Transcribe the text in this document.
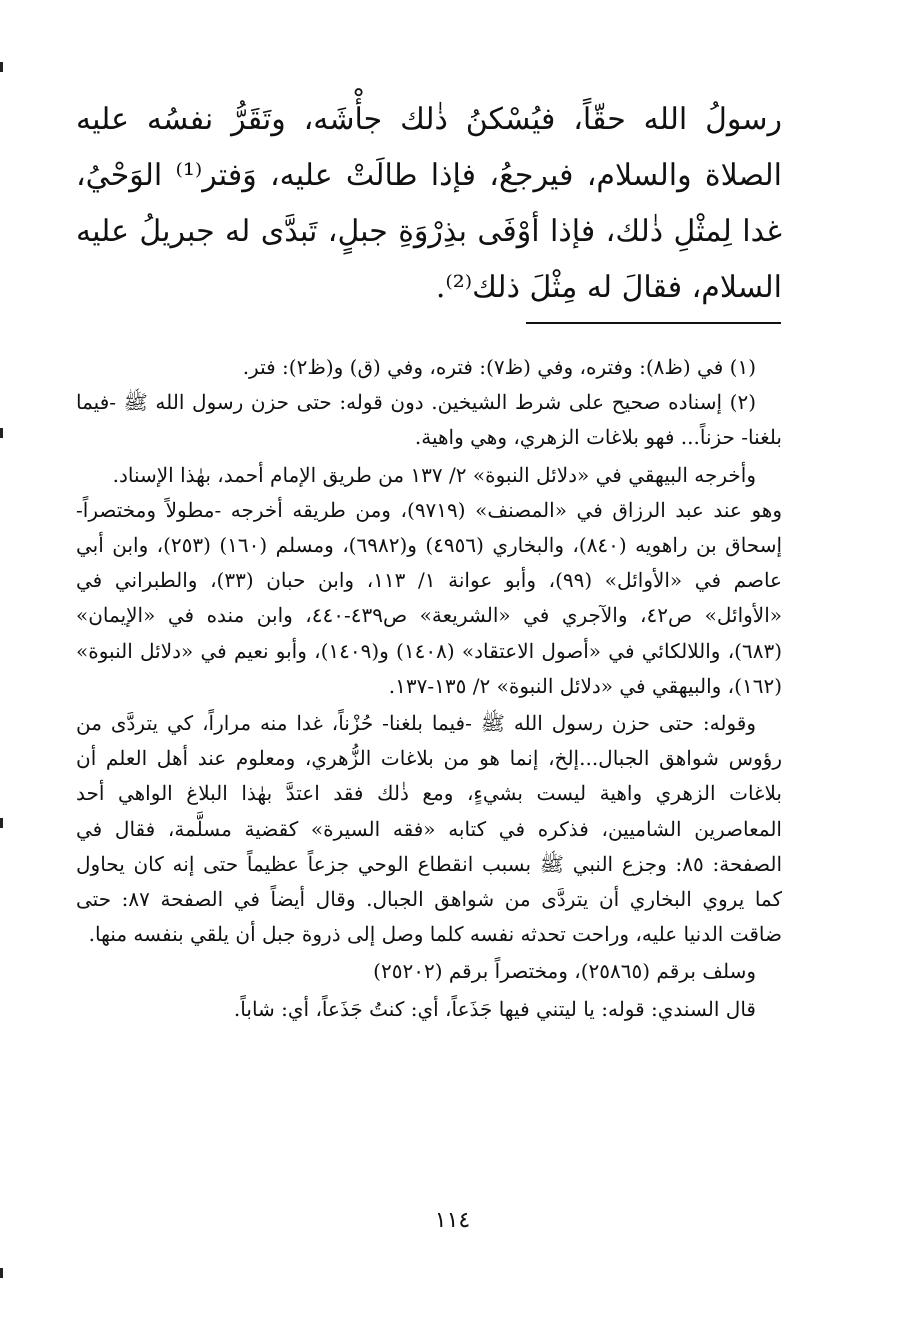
رسولُ الله حقّاً، فيُسْكنُ ذٰلك جأْشَه، وتَقَرُّ نفسُه عليه الصلاة والسلام، فيرجعُ، فإذا طالَتْ عليه، وَفتر⁽¹⁾ الوَحْيُ، غدا لِمثْلِ ذٰلك، فإذا أوْفَى بذِرْوَةِ جبلٍ، تَبدَّى له جبريلُ عليه السلام، فقالَ له مِثْلَ ذلك⁽²⁾.

(١) في (ظ٨): وفتره، وفي (ظ٧): فتره، وفي (ق) و(ظ٢): فتر.

(٢) إسناده صحيح على شرط الشيخين. دون قوله: حتى حزن رسول الله ﷺ -فيما بلغنا- حزناً... فهو بلاغات الزهري، وهي واهية.

وأخرجه البيهقي في «دلائل النبوة» ٢/ ١٣٧ من طريق الإمام أحمد، بهٰذا الإسناد.

وهو عند عبد الرزاق في «المصنف» (٩٧١٩)، ومن طريقه أخرجه -مطولاً ومختصراً- إسحاق بن راهويه (٨٤٠)، والبخاري (٤٩٥٦) و(٦٩٨٢)، ومسلم (١٦٠) (٢٥٣)، وابن أبي عاصم في «الأوائل» (٩٩)، وأبو عوانة ١/ ١١٣، وابن حبان (٣٣)، والطبراني في «الأوائل» ص٤٢، والآجري في «الشريعة» ص٤٣٩-٤٤٠، وابن منده في «الإيمان» (٦٨٣)، واللالكائي في «أصول الاعتقاد» (١٤٠٨) و(١٤٠٩)، وأبو نعيم في «دلائل النبوة» (١٦٢)، والبيهقي في «دلائل النبوة» ٢/ ١٣٥-١٣٧.

وقوله: حتى حزن رسول الله ﷺ -فيما بلغنا- حُزْناً، غدا منه مراراً، كي يتردَّى من رؤوس شواهق الجبال...إلخ، إنما هو من بلاغات الزُّهري، ومعلوم عند أهل العلم أن بلاغات الزهري واهية ليست بشيءٍ، ومع ذٰلك فقد اعتدَّ بهٰذا البلاغ الواهي أحد المعاصرين الشاميين، فذكره في كتابه «فقه السيرة» كقضية مسلَّمة، فقال في الصفحة: ٨٥: وجزع النبي ﷺ بسبب انقطاع الوحي جزعاً عظيماً حتى إنه كان يحاول كما يروي البخاري أن يتردَّى من شواهق الجبال. وقال أيضاً في الصفحة ٨٧: حتى ضاقت الدنيا عليه، وراحت تحدثه نفسه كلما وصل إلى ذروة جبل أن يلقي بنفسه منها.

وسلف برقم (٢٥٨٦٥)، ومختصراً برقم (٢٥٢٠٢)

قال السندي: قوله: يا ليتني فيها جَذَعاً، أي: كنتُ جَذَعاً، أي: شاباً.

١١٤
